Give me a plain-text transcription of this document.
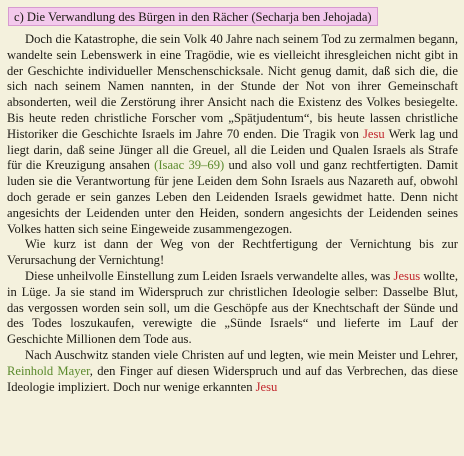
c) Die Verwandlung des Bürgen in den Rächer (Secharja ben Jehojada)

Doch die Katastrophe, die sein Volk 40 Jahre nach seinem Tod zu zermalmen begann, wandelte sein Lebenswerk in eine Tragödie, wie es vielleicht ihresgleichen nicht gibt in der Geschichte individueller Menschenschicksale. Nicht genug damit, daß sich die, die sich nach seinem Namen nannten, in der Stunde der Not von ihrer Gemeinschaft absonderten, weil die Zerstörung ihrer Ansicht nach die Existenz des Volkes besiegelte. Bis heute reden christliche Forscher vom „Spätjudentum“, bis heute lassen christliche Historiker die Geschichte Israels im Jahre 70 enden. Die Tragik von Jesu Werk lag und liegt darin, daß seine Jünger all die Greuel, all die Leiden und Qualen Israels als Strafe für die Kreuzigung ansahen (Isaac 39–69) und also voll und ganz rechtfertigten. Damit luden sie die Verantwortung für jene Leiden dem Sohn Israels aus Nazareth auf, obwohl doch gerade er sein ganzes Leben den Leidenden Israels gewidmet hatte. Denn nicht angesichts der Leidenden unter den Heiden, sondern angesichts der Leidenden seines Volkes hatten sich seine Eingeweide zusammengezogen.

Wie kurz ist dann der Weg von der Rechtfertigung der Vernichtung bis zur Verursachung der Vernichtung!

Diese unheilvolle Einstellung zum Leiden Israels verwandelte alles, was Jesus wollte, in Lüge. Ja sie stand im Widerspruch zur christlichen Ideologie selber: Dasselbe Blut, das vergossen worden sein soll, um die Geschöpfe aus der Knechtschaft der Sünde und des Todes loszukaufen, verewigte die „Sünde Israels“ und lieferte im Lauf der Geschichte Millionen dem Tode aus.

Nach Auschwitz standen viele Christen auf und legten, wie mein Meister und Lehrer, Reinhold Mayer, den Finger auf diesen Widerspruch und auf das Verbrechen, das diese Ideologie impliziert. Doch nur wenige erkannten Jesu
